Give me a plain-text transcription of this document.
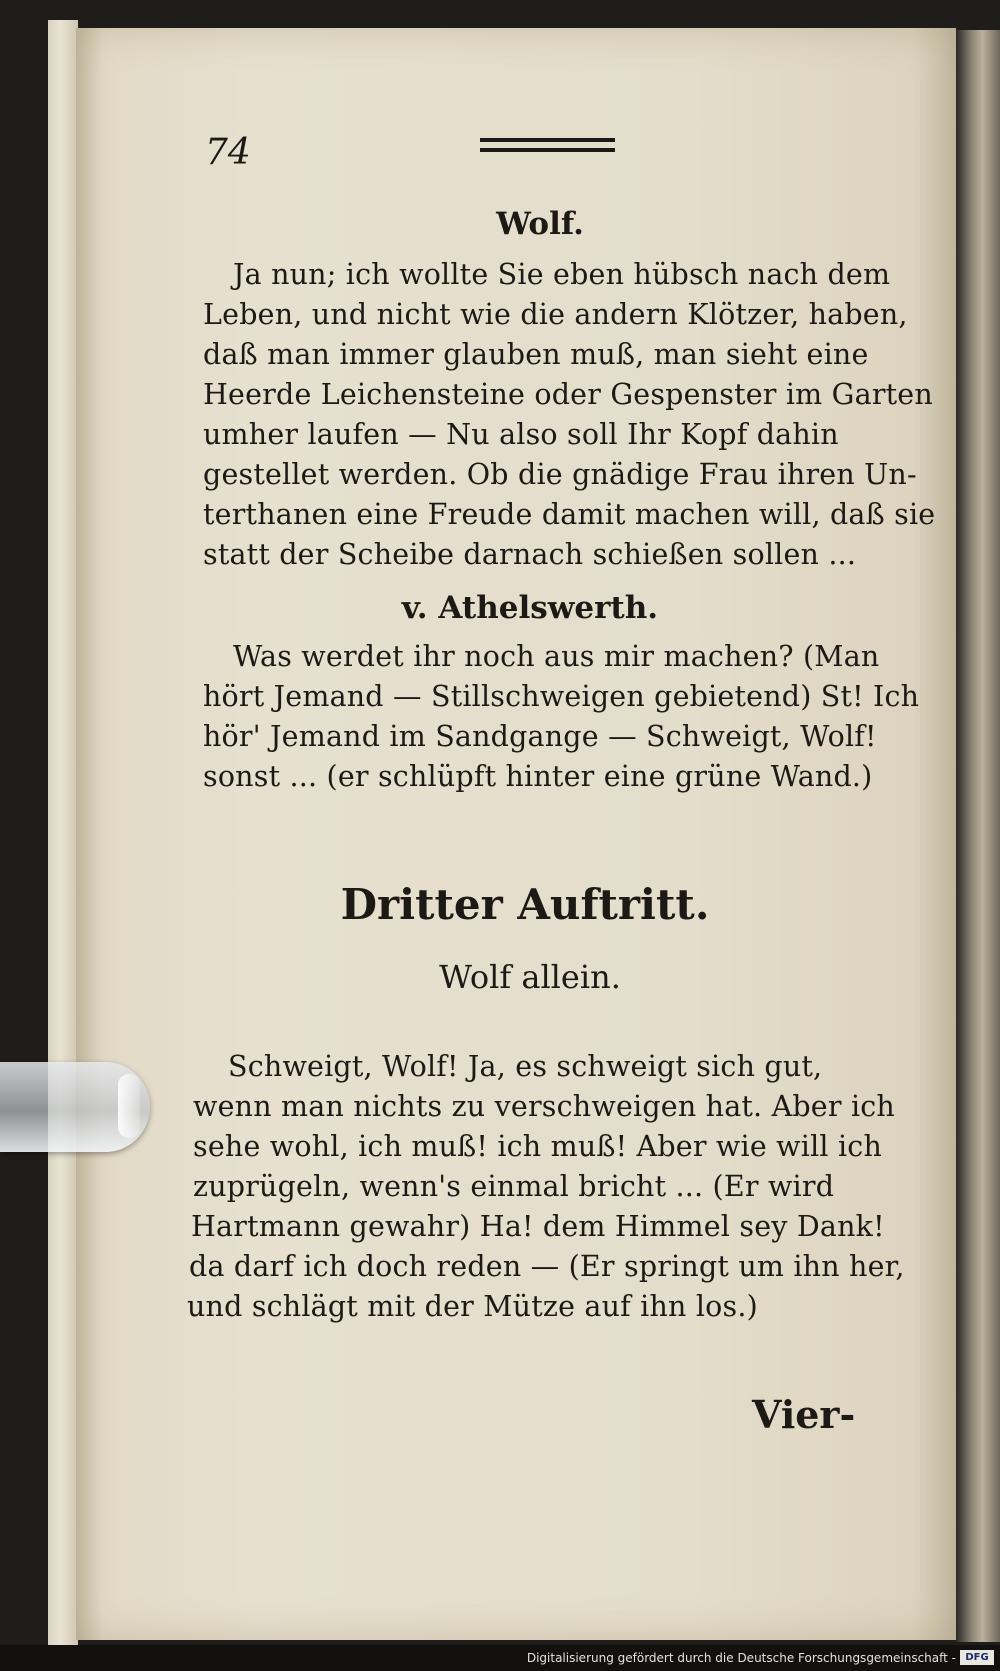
74
Wolf.
Ja nun; ich wollte Sie eben hübsch nach dem
Leben, und nicht wie die andern Klötzer, haben,
daß man immer glauben muß, man sieht eine
Heerde Leichensteine oder Gespenster im Garten
umher laufen — Nu also soll Ihr Kopf dahin
gestellet werden. Ob die gnädige Frau ihren Un-
terthanen eine Freude damit machen will, daß sie
statt der Scheibe darnach schießen sollen ...
v. Athelswerth.
Was werdet ihr noch aus mir machen? (Man
hört Jemand — Stillschweigen gebietend) St! Ich
hör' Jemand im Sandgange — Schweigt, Wolf!
sonst ... (er schlüpft hinter eine grüne Wand.)
Dritter Auftritt.
Wolf allein.
Schweigt, Wolf! Ja, es schweigt sich gut,
wenn man nichts zu verschweigen hat. Aber ich
sehe wohl, ich muß! ich muß! Aber wie will ich
zuprügeln, wenn's einmal bricht ... (Er wird
Hartmann gewahr) Ha! dem Himmel sey Dank!
da darf ich doch reden — (Er springt um ihn her,
und schlägt mit der Mütze auf ihn los.)
Vier-
Digitalisierung gefördert durch die Deutsche Forschungsgemeinschaft - DFG
